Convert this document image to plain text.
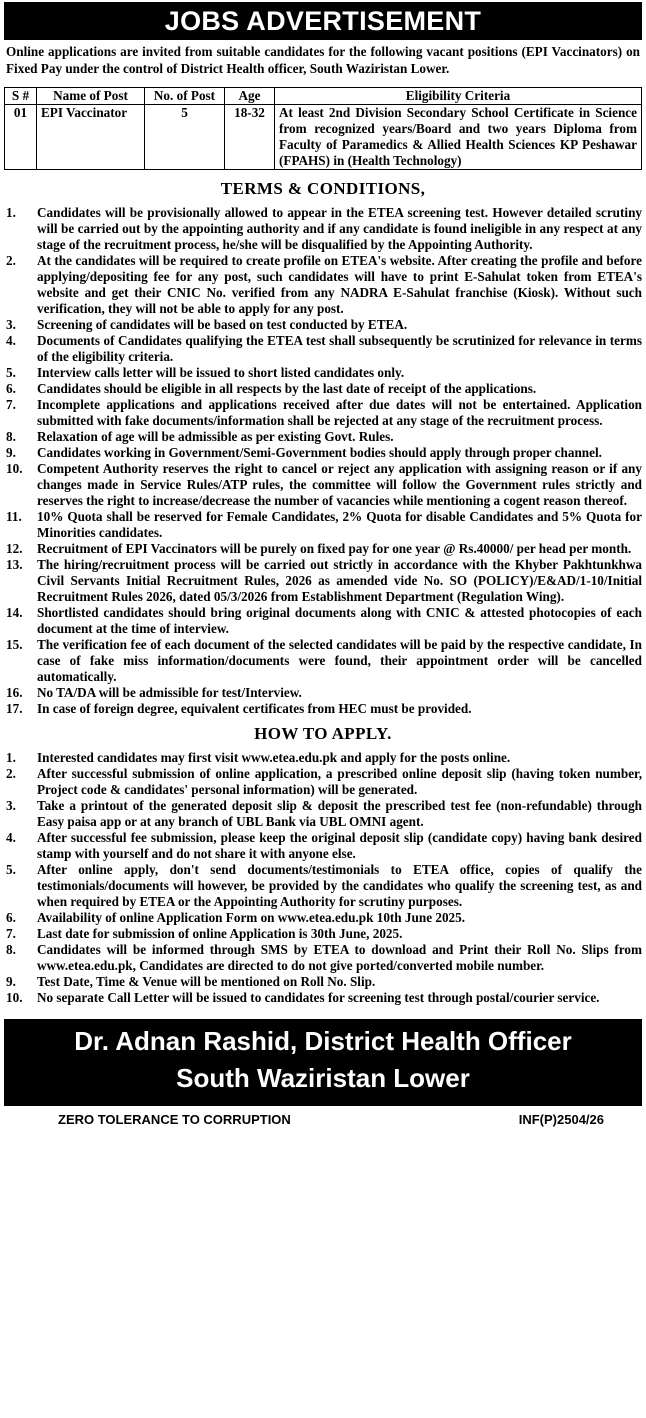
JOBS ADVERTISEMENT
Online applications are invited from suitable candidates for the following vacant positions (EPI Vaccinators) on Fixed Pay under the control of District Health officer, South Waziristan Lower.
S #	Name of Post	No. of Post	Age	Eligibility Criteria
01	EPI Vaccinator	5	18-32	At least 2nd Division Secondary School Certificate in Science from recognized years/Board and two years Diploma from Faculty of Paramedics & Allied Health Sciences KP Peshawar (FPAHS) in (Health Technology)
TERMS & CONDITIONS,
1. Candidates will be provisionally allowed to appear in the ETEA screening test. However detailed scrutiny will be carried out by the appointing authority and if any candidate is found ineligible in any respect at any stage of the recruitment process, he/she will be disqualified by the Appointing Authority.
2. At the candidates will be required to create profile on ETEA's website. After creating the profile and before applying/depositing fee for any post, such candidates will have to print E-Sahulat token from ETEA's website and get their CNIC No. verified from any NADRA E-Sahulat franchise (Kiosk). Without such verification, they will not be able to apply for any post.
3. Screening of candidates will be based on test conducted by ETEA.
4. Documents of Candidates qualifying the ETEA test shall subsequently be scrutinized for relevance in terms of the eligibility criteria.
5. Interview calls letter will be issued to short listed candidates only.
6. Candidates should be eligible in all respects by the last date of receipt of the applications.
7. Incomplete applications and applications received after due dates will not be entertained. Application submitted with fake documents/information shall be rejected at any stage of the recruitment process.
8. Relaxation of age will be admissible as per existing Govt. Rules.
9. Candidates working in Government/Semi-Government bodies should apply through proper channel.
10. Competent Authority reserves the right to cancel or reject any application with assigning reason or if any changes made in Service Rules/ATP rules, the committee will follow the Government rules strictly and reserves the right to increase/decrease the number of vacancies while mentioning a cogent reason thereof.
11. 10% Quota shall be reserved for Female Candidates, 2% Quota for disable Candidates and 5% Quota for Minorities candidates.
12. Recruitment of EPI Vaccinators will be purely on fixed pay for one year @ Rs.40000/ per head per month.
13. The hiring/recruitment process will be carried out strictly in accordance with the Khyber Pakhtunkhwa Civil Servants Initial Recruitment Rules, 2026 as amended vide No. SO (POLICY)/E&AD/1-10/Initial Recruitment Rules 2026, dated 05/3/2026 from Establishment Department (Regulation Wing).
14. Shortlisted candidates should bring original documents along with CNIC & attested photocopies of each document at the time of interview.
15. The verification fee of each document of the selected candidates will be paid by the respective candidate, In case of fake miss information/documents were found, their appointment order will be cancelled automatically.
16. No TA/DA will be admissible for test/Interview.
17. In case of foreign degree, equivalent certificates from HEC must be provided.
HOW TO APPLY.
1. Interested candidates may first visit www.etea.edu.pk and apply for the posts online.
2. After successful submission of online application, a prescribed online deposit slip (having token number, Project code & candidates' personal information) will be generated.
3. Take a printout of the generated deposit slip & deposit the prescribed test fee (non-refundable) through Easy paisa app or at any branch of UBL Bank via UBL OMNI agent.
4. After successful fee submission, please keep the original deposit slip (candidate copy) having bank desired stamp with yourself and do not share it with anyone else.
5. After online apply, don't send documents/testimonials to ETEA office, copies of qualify the testimonials/documents will however, be provided by the candidates who qualify the screening test, as and when required by ETEA or the Appointing Authority for scrutiny purposes.
6. Availability of online Application Form on www.etea.edu.pk 10th June 2025.
7. Last date for submission of online Application is 30th June, 2025.
8. Candidates will be informed through SMS by ETEA to download and Print their Roll No. Slips from www.etea.edu.pk, Candidates are directed to do not give ported/converted mobile number.
9. Test Date, Time & Venue will be mentioned on Roll No. Slip.
10. No separate Call Letter will be issued to candidates for screening test through postal/courier service.
Dr. Adnan Rashid, District Health Officer
South Waziristan Lower
ZERO TOLERANCE TO CORRUPTION	INF(P)2504/26
